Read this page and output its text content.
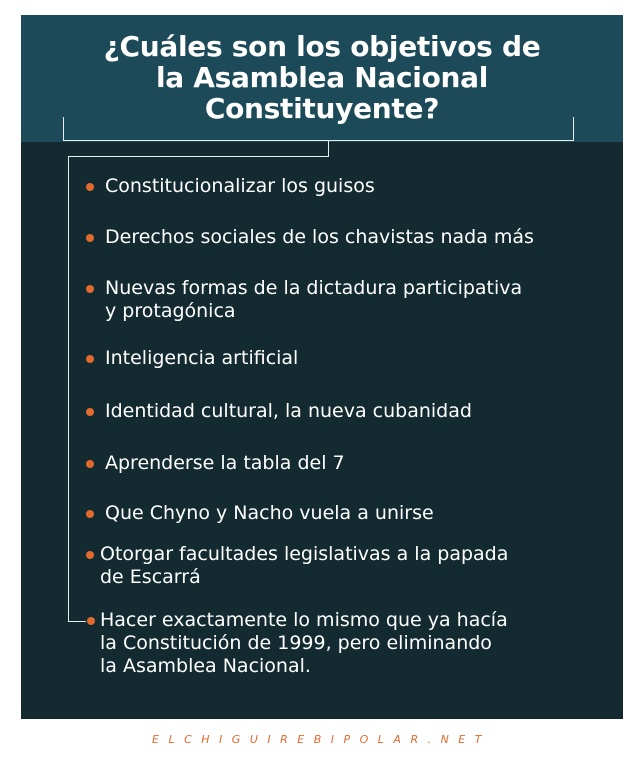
¿Cuáles son los objetivos de
la Asamblea Nacional
Constituyente?

Constitucionalizar los guisos

Derechos sociales de los chavistas nada más

Nuevas formas de la dictadura participativa
y protagónica

Inteligencia artificial

Identidad cultural, la nueva cubanidad

Aprenderse la tabla del 7

Que Chyno y Nacho vuela a unirse

Otorgar facultades legislativas a la papada
de Escarrá

Hacer exactamente lo mismo que ya hacía
la Constitución de 1999, pero eliminando
la Asamblea Nacional.

ELCHIGUIREBIPOLAR.NET
